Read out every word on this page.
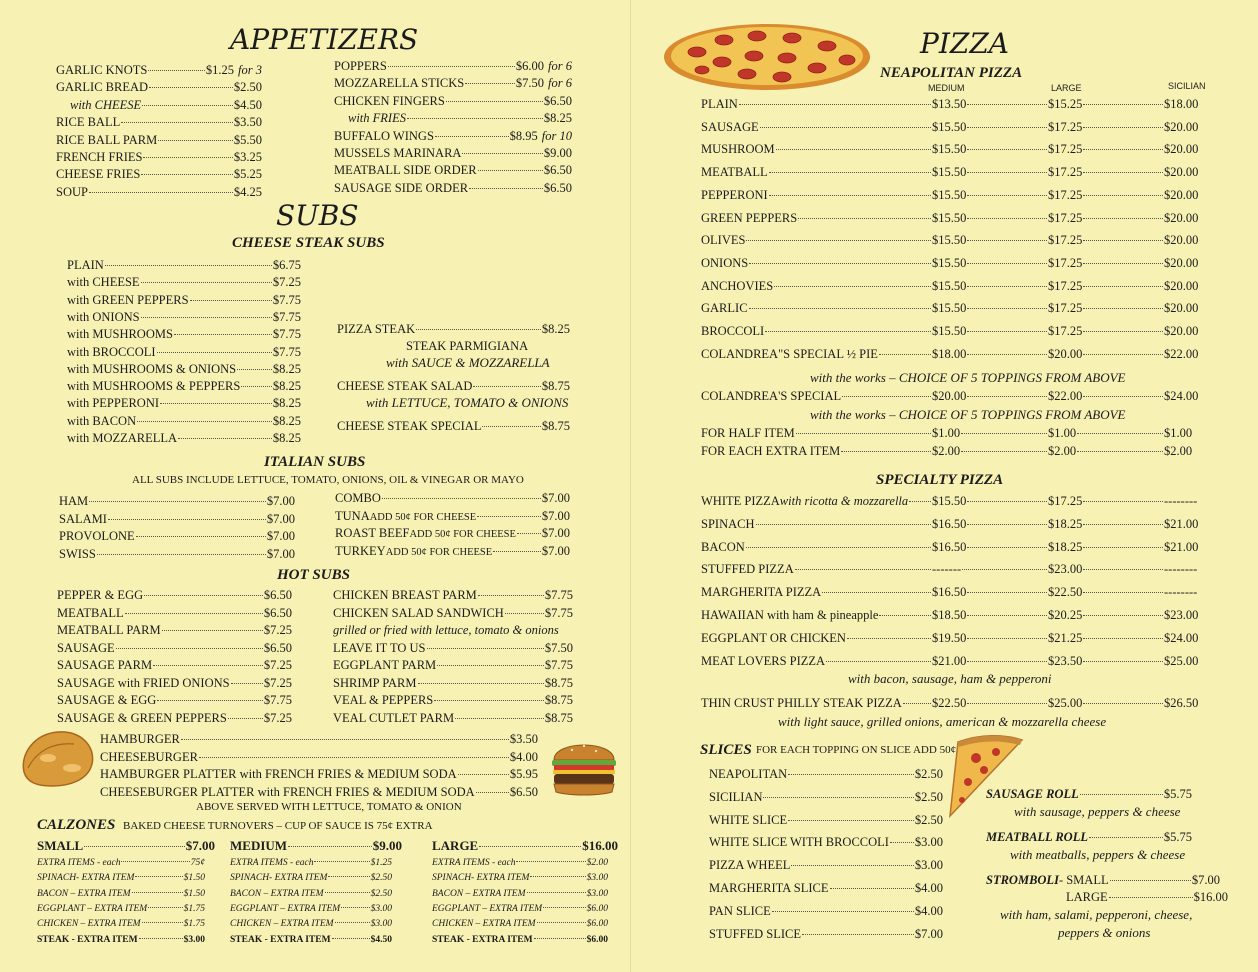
APPETIZERS
GARLIC KNOTS	$1.25 for 3
GARLIC BREAD	$2.50
with CHEESE	$4.50
RICE BALL	$3.50
RICE BALL PARM	$5.50
FRENCH FRIES	$3.25
CHEESE FRIES	$5.25
SOUP	$4.25
POPPERS	$6.00 for 6
MOZZARELLA STICKS	$7.50 for 6
CHICKEN FINGERS	$6.50
with FRIES	$8.25
BUFFALO WINGS	$8.95 for 10
MUSSELS MARINARA	$9.00
MEATBALL SIDE ORDER	$6.50
SAUSAGE SIDE ORDER	$6.50
SUBS
CHEESE STEAK SUBS
PLAIN	$6.75
with CHEESE	$7.25
with GREEN PEPPERS	$7.75
with ONIONS	$7.75
with MUSHROOMS	$7.75
with BROCCOLI	$7.75
with MUSHROOMS & ONIONS	$8.25
with MUSHROOMS & PEPPERS	$8.25
with PEPPERONI	$8.25
with BACON	$8.25
with MOZZARELLA	$8.25
PIZZA STEAK	$8.25
STEAK PARMIGIANA
with SAUCE & MOZZARELLA
CHEESE STEAK SALAD	$8.75
with LETTUCE, TOMATO & ONIONS
CHEESE STEAK SPECIAL	$8.75
ITALIAN SUBS
ALL SUBS INCLUDE LETTUCE, TOMATO, ONIONS, OIL & VINEGAR OR MAYO
HAM	$7.00
SALAMI	$7.00
PROVOLONE	$7.00
SWISS	$7.00
COMBO	$7.00
TUNA ADD 50¢ FOR CHEESE	$7.00
ROAST BEEF ADD 50¢ FOR CHEESE $7.00
TURKEY ADD 50¢ FOR CHEESE	$7.00
HOT SUBS
PEPPER & EGG	$6.50
MEATBALL	$6.50
MEATBALL PARM	$7.25
SAUSAGE	$6.50
SAUSAGE PARM	$7.25
SAUSAGE with FRIED ONIONS	$7.25
SAUSAGE & EGG	$7.75
SAUSAGE & GREEN PEPPERS	$7.25
CHICKEN BREAST PARM	$7.75
CHICKEN SALAD SANDWICH	$7.75
grilled or fried with lettuce, tomato & onions
LEAVE IT TO US	$7.50
EGGPLANT PARM	$7.75
SHRIMP PARM	$8.75
VEAL & PEPPERS	$8.75
VEAL CUTLET PARM	$8.75
HAMBURGER	$3.50
CHEESEBURGER	$4.00
HAMBURGER PLATTER with FRENCH FRIES & MEDIUM SODA	$5.95
CHEESEBURGER PLATTER with FRENCH FRIES & MEDIUM SODA	$6.50
ABOVE SERVED WITH LETTUCE, TOMATO & ONION
CALZONES BAKED CHEESE TURNOVERS – CUP OF SAUCE IS 75¢ EXTRA
SMALL	$7.00
EXTRA ITEMS - each	75¢
SPINACH- EXTRA ITEM	$1.50
BACON – EXTRA ITEM	$1.50
EGGPLANT – EXTRA ITEM	$1.75
CHICKEN – EXTRA ITEM	$1.75
STEAK - EXTRA ITEM	$3.00
MEDIUM	$9.00
EXTRA ITEMS - each	$1.25
SPINACH- EXTRA ITEM	$2.50
BACON – EXTRA ITEM	$2.50
EGGPLANT – EXTRA ITEM	$3.00
CHICKEN – EXTRA ITEM	$3.00
STEAK - EXTRA ITEM	$4.50
LARGE	$16.00
EXTRA ITEMS - each	$2.00
SPINACH- EXTRA ITEM	$3.00
BACON – EXTRA ITEM	$3.00
EGGPLANT – EXTRA ITEM	$6.00
CHICKEN – EXTRA ITEM	$6.00
STEAK - EXTRA ITEM	$6.00
PIZZA
NEAPOLITAN PIZZA
MEDIUM	LARGE	SICILIAN
PLAIN	$13.50	$15.25	$18.00
SAUSAGE	$15.50	$17.25	$20.00
MUSHROOM	$15.50	$17.25	$20.00
MEATBALL	$15.50	$17.25	$20.00
PEPPERONI	$15.50	$17.25	$20.00
GREEN PEPPERS	$15.50	$17.25	$20.00
OLIVES	$15.50	$17.25	$20.00
ONIONS	$15.50	$17.25	$20.00
ANCHOVIES	$15.50	$17.25	$20.00
GARLIC	$15.50	$17.25	$20.00
BROCCOLI	$15.50	$17.25	$20.00
COLANDREA"S SPECIAL ½ PIE	$18.00	$20.00	$22.00
with the works – CHOICE OF 5 TOPPINGS FROM ABOVE
COLANDREA'S SPECIAL	$20.00	$22.00	$24.00
with the works – CHOICE OF 5 TOPPINGS FROM ABOVE
FOR HALF ITEM	$1.00	$1.00	$1.00
FOR EACH EXTRA ITEM	$2.00	$2.00	$2.00
SPECIALTY PIZZA
WHITE PIZZA with ricotta & mozzarella $15.50	$17.25	--------
SPINACH	$16.50	$18.25	$21.00
BACON	$16.50	$18.25	$21.00
STUFFED PIZZA	-------	$23.00	--------
MARGHERITA PIZZA	$16.50	$22.50	--------
HAWAIIAN with ham & pineapple	$18.50	$20.25	$23.00
EGGPLANT OR CHICKEN	$19.50	$21.25	$24.00
MEAT LOVERS PIZZA	$21.00	$23.50	$25.00
with bacon, sausage, ham & pepperoni
THIN CRUST PHILLY STEAK PIZZA $22.50	$25.00	$26.50
with light sauce, grilled onions, american & mozzarella cheese
SLICES FOR EACH TOPPING ON SLICE ADD 50¢
NEAPOLITAN	$2.50
SICILIAN	$2.50
WHITE SLICE	$2.50
WHITE SLICE WITH BROCCOLI $3.00
PIZZA WHEEL	$3.00
MARGHERITA SLICE	$4.00
PAN SLICE	$4.00
STUFFED SLICE	$7.00
SAUSAGE ROLL	$5.75
with sausage, peppers & cheese
MEATBALL ROLL	$5.75
with meatballs, peppers & cheese
STROMBOLI - SMALL	$7.00
LARGE	$16.00
with ham, salami, pepperoni, cheese,
peppers & onions
